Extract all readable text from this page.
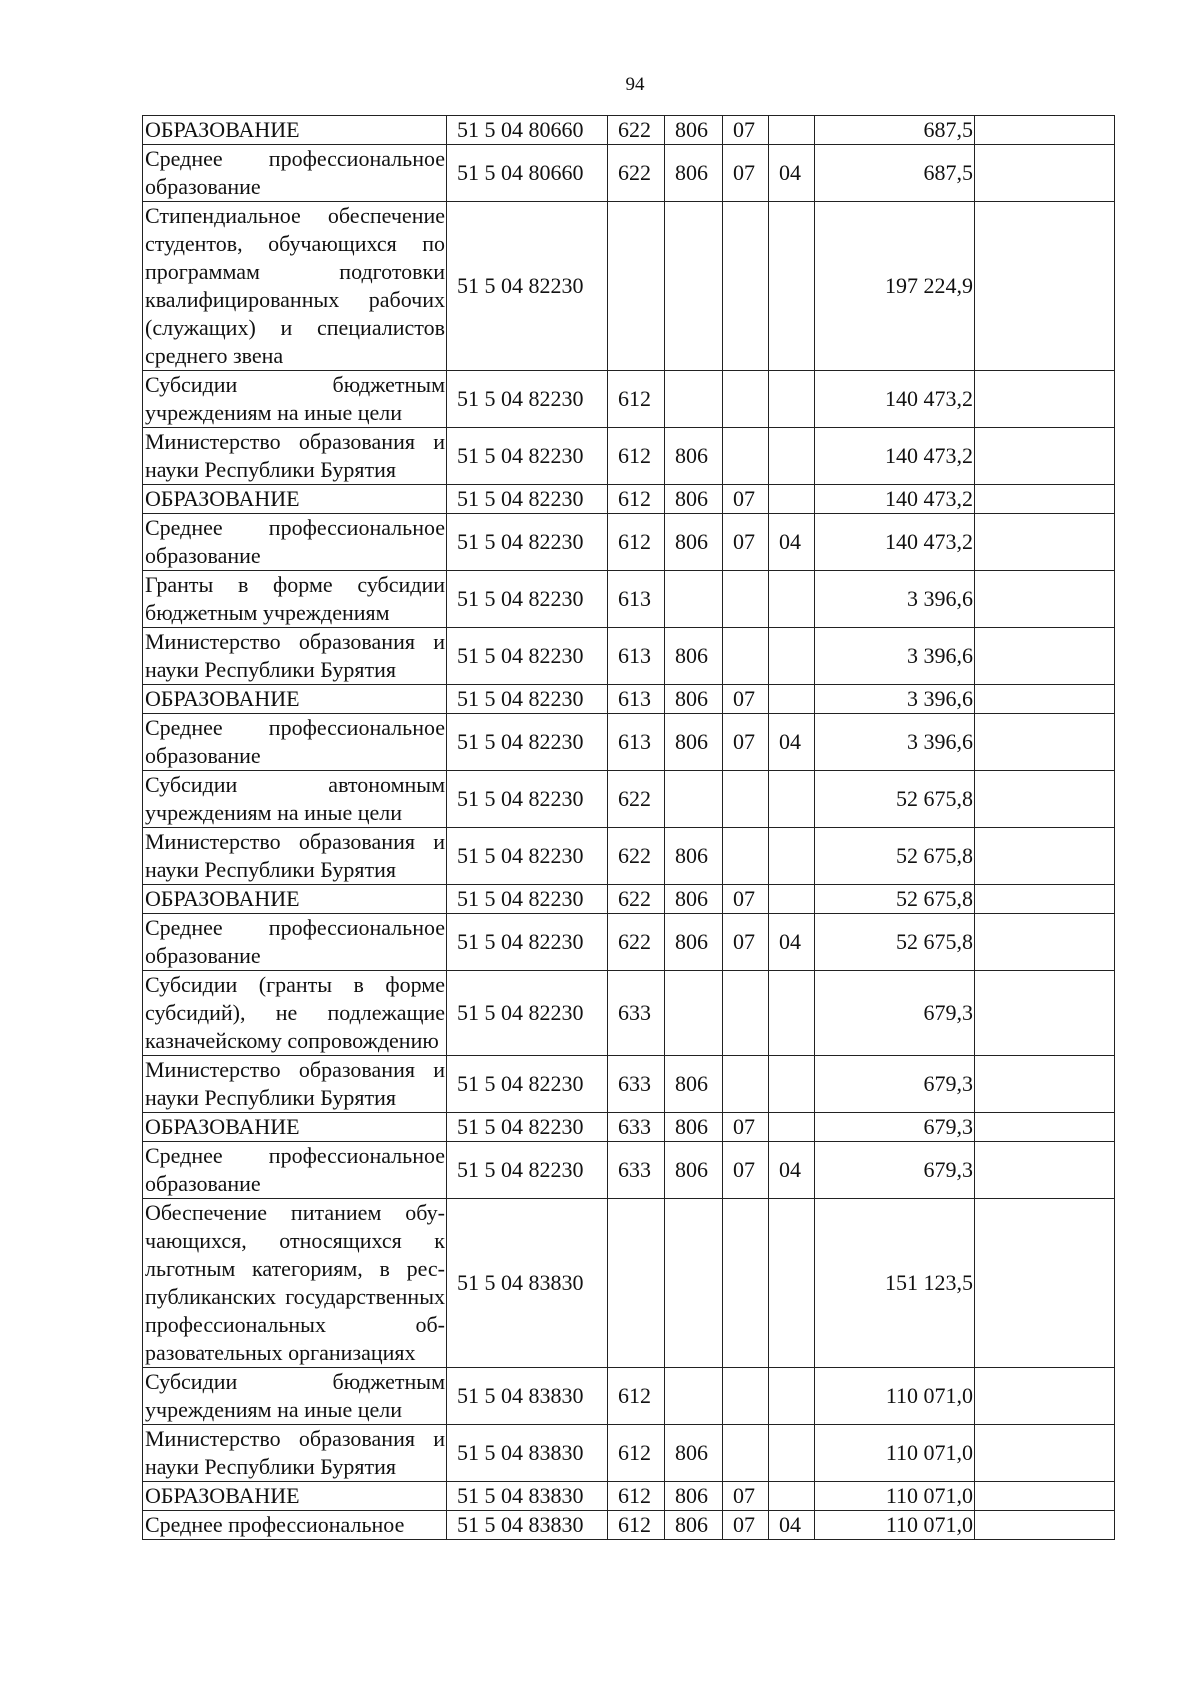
94
ОБРАЗОВАНИЕ	51 5 04 80660	622	806	07		687,5	
Среднее профессиональное образование	51 5 04 80660	622	806	07	04	687,5	
Стипендиальное обеспечение студентов, обучающихся по программам подготовки квалифицированных рабочих (служащих) и специалистов среднего звена	51 5 04 82230					197 224,9	
Субсидии бюджетным учреждениям на иные цели	51 5 04 82230	612				140 473,2	
Министерство образования и науки Республики Бурятия	51 5 04 82230	612	806			140 473,2	
ОБРАЗОВАНИЕ	51 5 04 82230	612	806	07		140 473,2	
Среднее профессиональное образование	51 5 04 82230	612	806	07	04	140 473,2	
Гранты в форме субсидии бюджетным учреждениям	51 5 04 82230	613				3 396,6	
Министерство образования и науки Республики Бурятия	51 5 04 82230	613	806			3 396,6	
ОБРАЗОВАНИЕ	51 5 04 82230	613	806	07		3 396,6	
Среднее профессиональное образование	51 5 04 82230	613	806	07	04	3 396,6	
Субсидии автономным учреждениям на иные цели	51 5 04 82230	622				52 675,8	
Министерство образования и науки Республики Бурятия	51 5 04 82230	622	806			52 675,8	
ОБРАЗОВАНИЕ	51 5 04 82230	622	806	07		52 675,8	
Среднее профессиональное образование	51 5 04 82230	622	806	07	04	52 675,8	
Субсидии (гранты в форме субсидий), не подлежащие казначейскому сопровождению	51 5 04 82230	633				679,3	
Министерство образования и науки Республики Бурятия	51 5 04 82230	633	806			679,3	
ОБРАЗОВАНИЕ	51 5 04 82230	633	806	07		679,3	
Среднее профессиональное образование	51 5 04 82230	633	806	07	04	679,3	
Обеспечение питанием обучающихся, относящихся к льготным категориям, в республиканских государственных профессиональных образовательных организациях	51 5 04 83830					151 123,5	
Субсидии бюджетным учреждениям на иные цели	51 5 04 83830	612				110 071,0	
Министерство образования и науки Республики Бурятия	51 5 04 83830	612	806			110 071,0	
ОБРАЗОВАНИЕ	51 5 04 83830	612	806	07		110 071,0	
Среднее профессиональное	51 5 04 83830	612	806	07	04	110 071,0	
